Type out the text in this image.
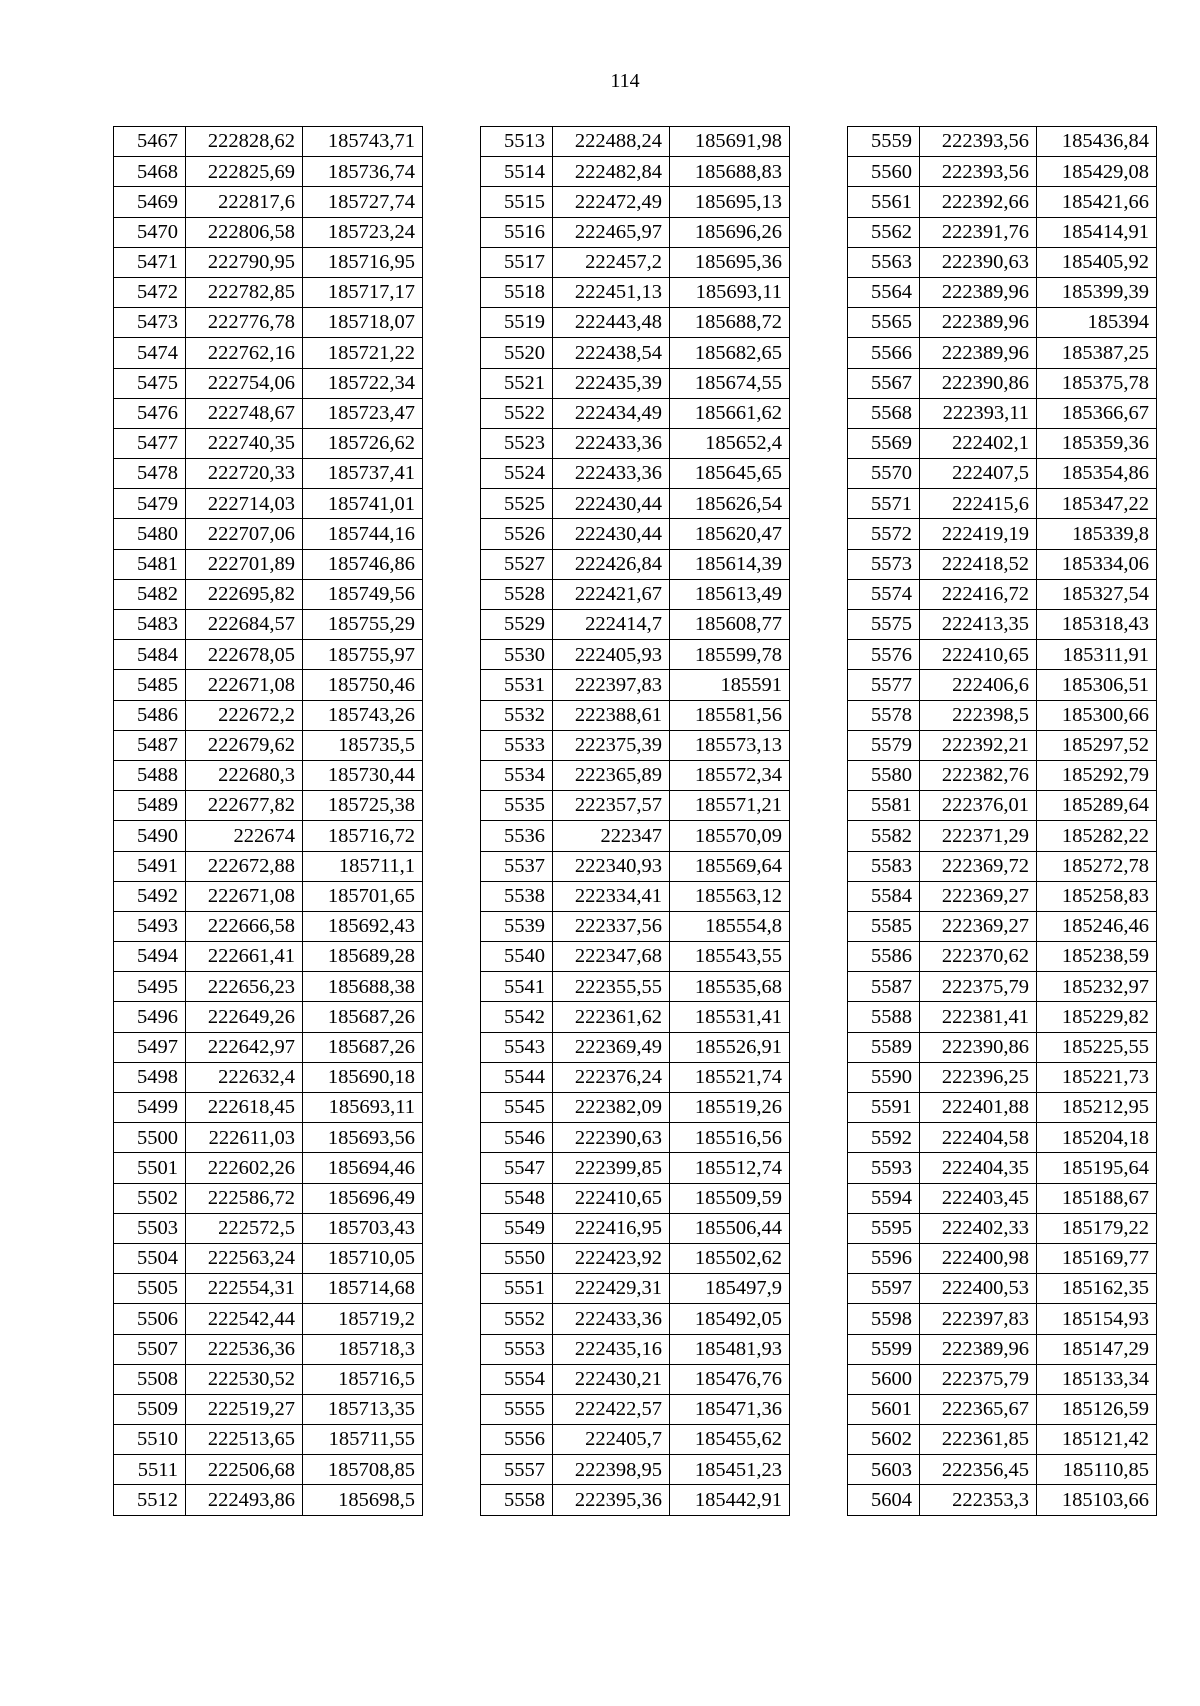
114
5467	222828,62	185743,71
5468	222825,69	185736,74
5469	222817,6	185727,74
5470	222806,58	185723,24
5471	222790,95	185716,95
5472	222782,85	185717,17
5473	222776,78	185718,07
5474	222762,16	185721,22
5475	222754,06	185722,34
5476	222748,67	185723,47
5477	222740,35	185726,62
5478	222720,33	185737,41
5479	222714,03	185741,01
5480	222707,06	185744,16
5481	222701,89	185746,86
5482	222695,82	185749,56
5483	222684,57	185755,29
5484	222678,05	185755,97
5485	222671,08	185750,46
5486	222672,2	185743,26
5487	222679,62	185735,5
5488	222680,3	185730,44
5489	222677,82	185725,38
5490	222674	185716,72
5491	222672,88	185711,1
5492	222671,08	185701,65
5493	222666,58	185692,43
5494	222661,41	185689,28
5495	222656,23	185688,38
5496	222649,26	185687,26
5497	222642,97	185687,26
5498	222632,4	185690,18
5499	222618,45	185693,11
5500	222611,03	185693,56
5501	222602,26	185694,46
5502	222586,72	185696,49
5503	222572,5	185703,43
5504	222563,24	185710,05
5505	222554,31	185714,68
5506	222542,44	185719,2
5507	222536,36	185718,3
5508	222530,52	185716,5
5509	222519,27	185713,35
5510	222513,65	185711,55
5511	222506,68	185708,85
5512	222493,86	185698,5
5513	222488,24	185691,98
5514	222482,84	185688,83
5515	222472,49	185695,13
5516	222465,97	185696,26
5517	222457,2	185695,36
5518	222451,13	185693,11
5519	222443,48	185688,72
5520	222438,54	185682,65
5521	222435,39	185674,55
5522	222434,49	185661,62
5523	222433,36	185652,4
5524	222433,36	185645,65
5525	222430,44	185626,54
5526	222430,44	185620,47
5527	222426,84	185614,39
5528	222421,67	185613,49
5529	222414,7	185608,77
5530	222405,93	185599,78
5531	222397,83	185591
5532	222388,61	185581,56
5533	222375,39	185573,13
5534	222365,89	185572,34
5535	222357,57	185571,21
5536	222347	185570,09
5537	222340,93	185569,64
5538	222334,41	185563,12
5539	222337,56	185554,8
5540	222347,68	185543,55
5541	222355,55	185535,68
5542	222361,62	185531,41
5543	222369,49	185526,91
5544	222376,24	185521,74
5545	222382,09	185519,26
5546	222390,63	185516,56
5547	222399,85	185512,74
5548	222410,65	185509,59
5549	222416,95	185506,44
5550	222423,92	185502,62
5551	222429,31	185497,9
5552	222433,36	185492,05
5553	222435,16	185481,93
5554	222430,21	185476,76
5555	222422,57	185471,36
5556	222405,7	185455,62
5557	222398,95	185451,23
5558	222395,36	185442,91
5559	222393,56	185436,84
5560	222393,56	185429,08
5561	222392,66	185421,66
5562	222391,76	185414,91
5563	222390,63	185405,92
5564	222389,96	185399,39
5565	222389,96	185394
5566	222389,96	185387,25
5567	222390,86	185375,78
5568	222393,11	185366,67
5569	222402,1	185359,36
5570	222407,5	185354,86
5571	222415,6	185347,22
5572	222419,19	185339,8
5573	222418,52	185334,06
5574	222416,72	185327,54
5575	222413,35	185318,43
5576	222410,65	185311,91
5577	222406,6	185306,51
5578	222398,5	185300,66
5579	222392,21	185297,52
5580	222382,76	185292,79
5581	222376,01	185289,64
5582	222371,29	185282,22
5583	222369,72	185272,78
5584	222369,27	185258,83
5585	222369,27	185246,46
5586	222370,62	185238,59
5587	222375,79	185232,97
5588	222381,41	185229,82
5589	222390,86	185225,55
5590	222396,25	185221,73
5591	222401,88	185212,95
5592	222404,58	185204,18
5593	222404,35	185195,64
5594	222403,45	185188,67
5595	222402,33	185179,22
5596	222400,98	185169,77
5597	222400,53	185162,35
5598	222397,83	185154,93
5599	222389,96	185147,29
5600	222375,79	185133,34
5601	222365,67	185126,59
5602	222361,85	185121,42
5603	222356,45	185110,85
5604	222353,3	185103,66
